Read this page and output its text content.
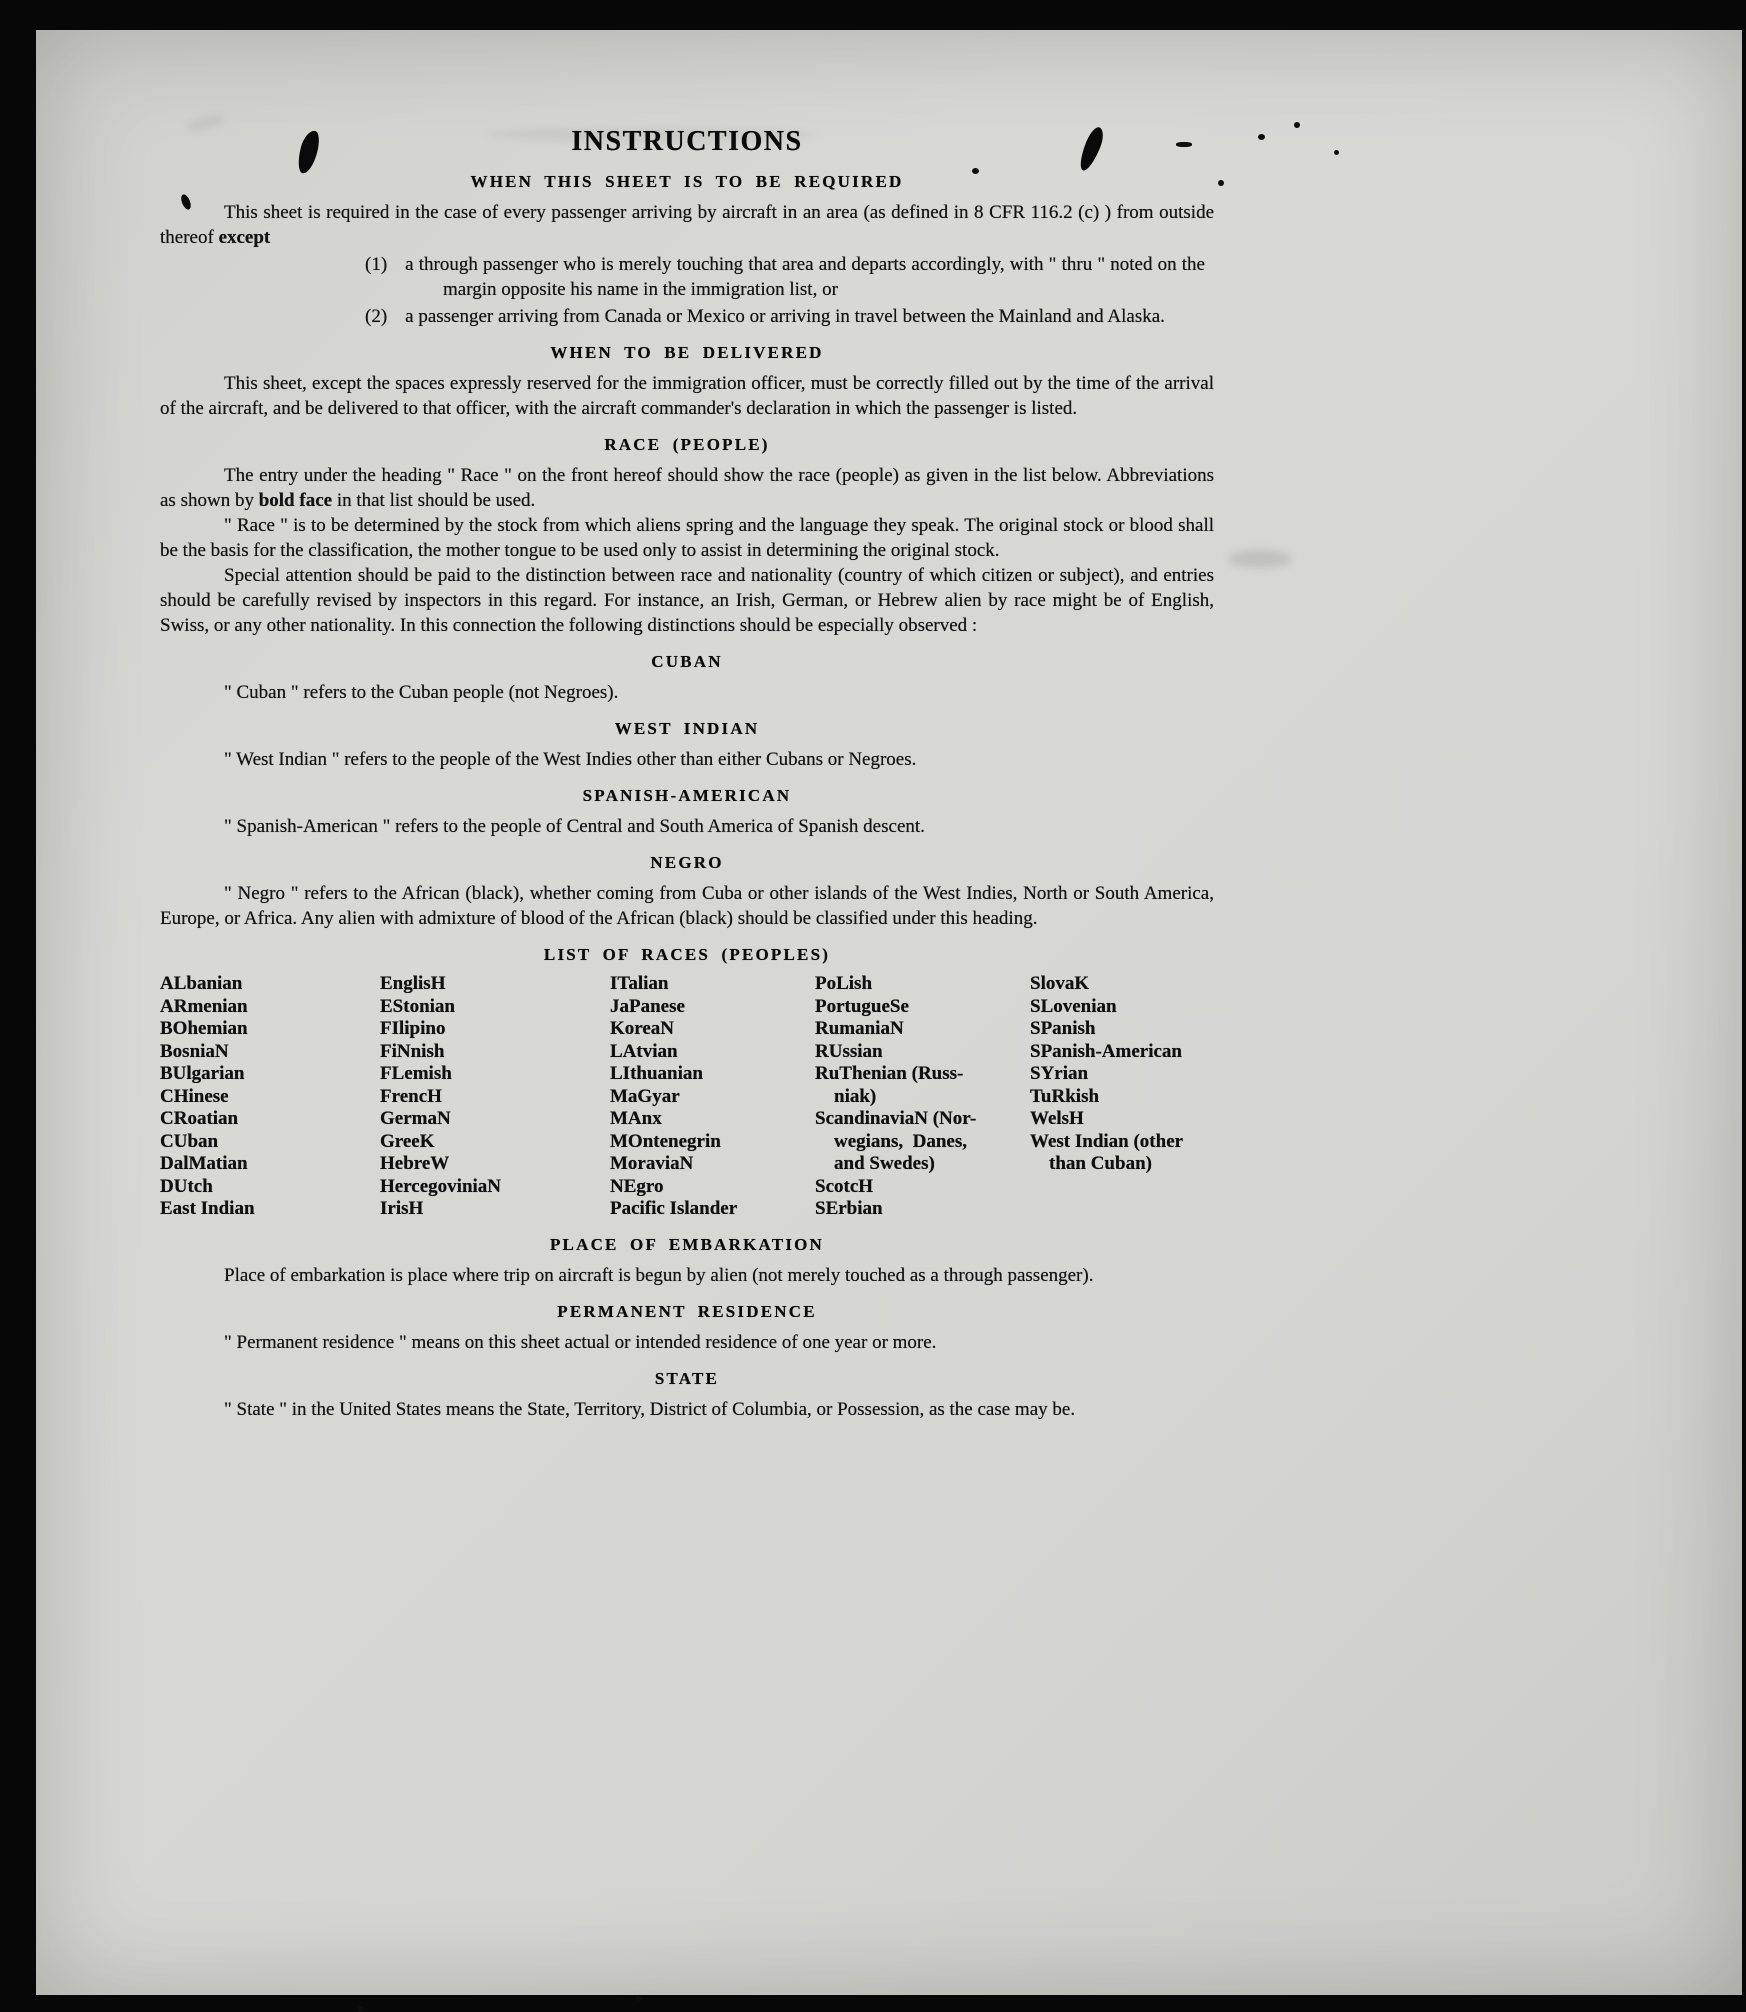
INSTRUCTIONS
WHEN THIS SHEET IS TO BE REQUIRED

This sheet is required in the case of every passenger arriving by aircraft in an area (as defined in 8 CFR 116.2 (c) ) from outside thereof except

(1) a through passenger who is merely touching that area and departs accordingly, with " thru " noted on the margin opposite his name in the immigration list, or
(2) a passenger arriving from Canada or Mexico or arriving in travel between the Mainland and Alaska.
WHEN TO BE DELIVERED

This sheet, except the spaces expressly reserved for the immigration officer, must be correctly filled out by the time of the arrival of the aircraft, and be delivered to that officer, with the aircraft commander's declaration in which the passenger is listed.

RACE (PEOPLE)

The entry under the heading " Race " on the front hereof should show the race (people) as given in the list below. Abbreviations as shown by bold face in that list should be used.

" Race " is to be determined by the stock from which aliens spring and the language they speak. The original stock or blood shall be the basis for the classification, the mother tongue to be used only to assist in determining the original stock.

Special attention should be paid to the distinction between race and nationality (country of which citizen or subject), and entries should be carefully revised by inspectors in this regard. For instance, an Irish, German, or Hebrew alien by race might be of English, Swiss, or any other nationality. In this connection the following distinctions should be especially observed :

CUBAN

" Cuban " refers to the Cuban people (not Negroes).

WEST INDIAN

" West Indian " refers to the people of the West Indies other than either Cubans or Negroes.

SPANISH-AMERICAN

" Spanish-American " refers to the people of Central and South America of Spanish descent.

NEGRO

" Negro " refers to the African (black), whether coming from Cuba or other islands of the West Indies, North or South America, Europe, or Africa. Any alien with admixture of blood of the African (black) should be classified under this heading.

LIST OF RACES (PEOPLES)
ALbanian
ARmenian
BOhemian
BosniaN
BUlgarian
CHinese
CRoatian
CUban
DalMatian
DUtch
East Indian
EnglisH
EStonian
FIlipino
FiNnish
FLemish
FrencH
GermaN
GreeK
HebreW
HercegoviniaN
IrisH
ITalian
JaPanese
KoreaN
LAtvian
LIthuanian
MaGyar
MAnx
MOntenegrin
MoraviaN
NEgro
Pacific Islander
PoLish
PortugueSe
RumaniaN
RUssian
RuThenian (Russ-
niak)
ScandinaviaN (Nor-
wegians,  Danes,
and Swedes)
ScotcH
SErbian
SlovaK
SLovenian
SPanish
SPanish-American
SYrian
TuRkish
WelsH
West Indian (other
than Cuban)
PLACE OF EMBARKATION

Place of embarkation is place where trip on aircraft is begun by alien (not merely touched as a through passenger).

PERMANENT RESIDENCE

" Permanent residence " means on this sheet actual or intended residence of one year or more.

STATE

" State " in the United States means the State, Territory, District of Columbia, or Possession, as the case may be.
